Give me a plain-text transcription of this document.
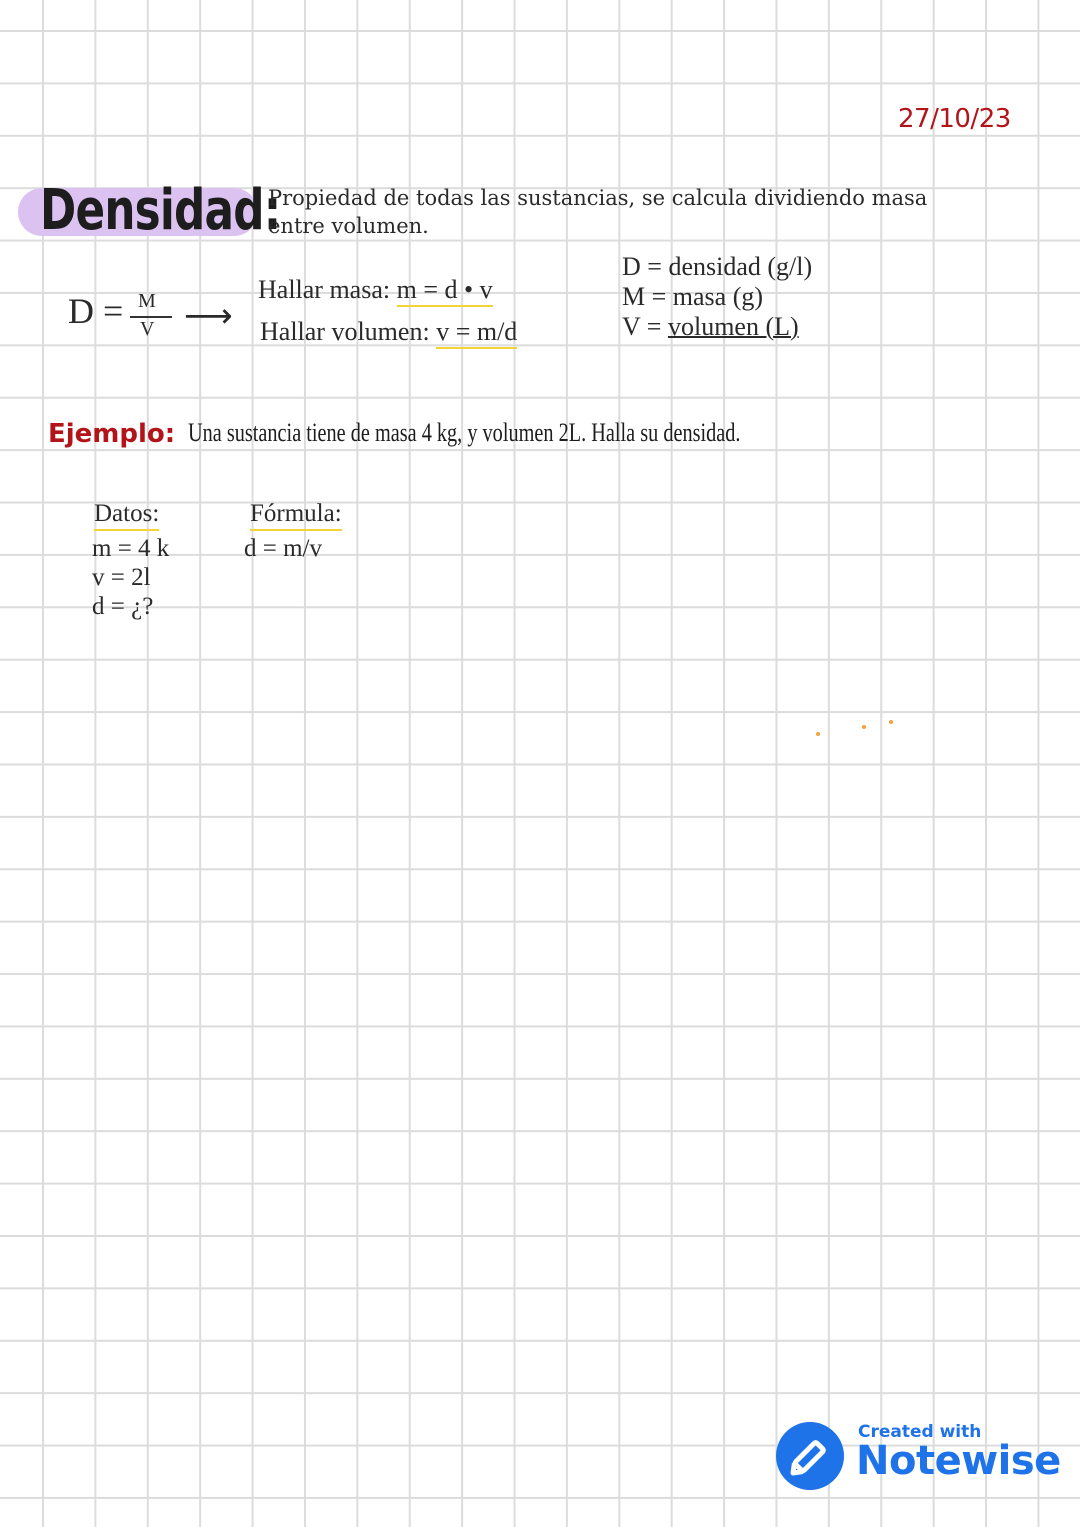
27/10/23
Densidad:
Propiedad de todas las sustancias, se calcula dividiendo masa entre volumen.
D = M
V ⟶
Hallar masa: m = d • v
Hallar volumen: v = m/d
D = densidad (g/l)
M = masa (g)
V = volumen (L)
Ejemplo: Una sustancia tiene de masa 4 kg, y volumen 2L. Halla su densidad.
Datos:
m = 4 k
v = 2l
d = ¿?
Fórmula:
d = m/v
Created with
Notewise
